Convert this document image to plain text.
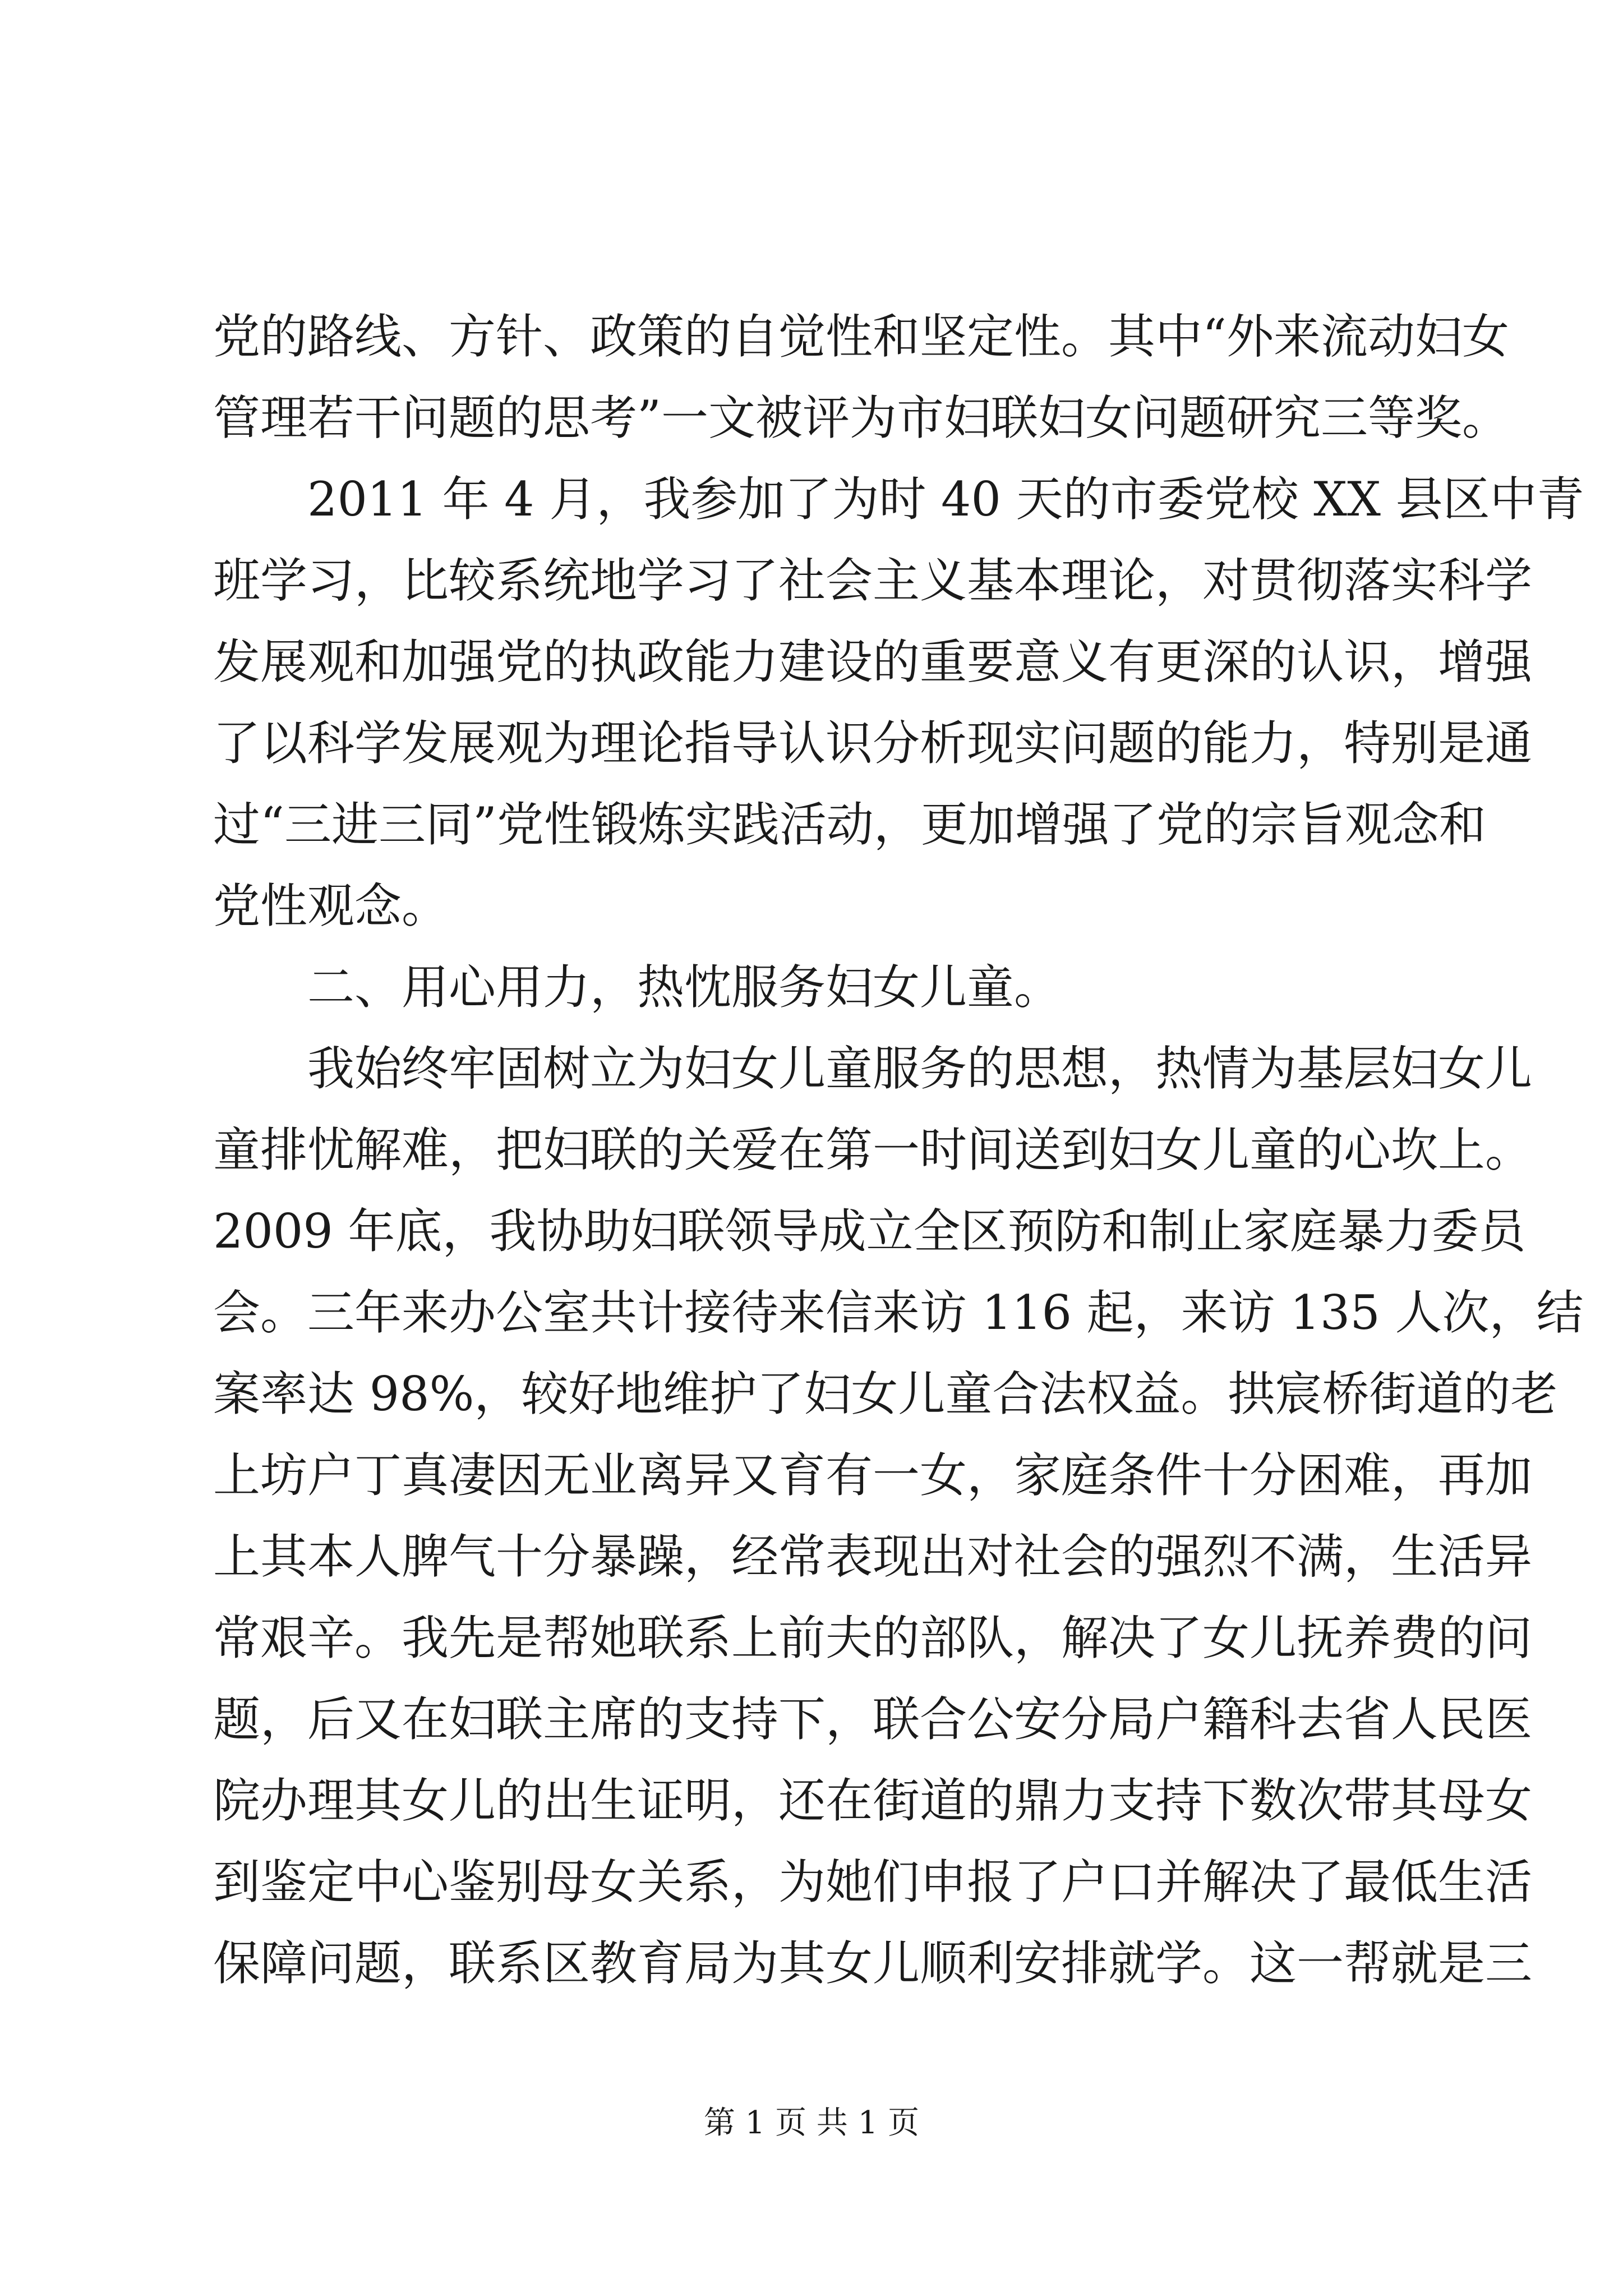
党的路线、方针、政策的自觉性和坚定性。其中“外来流动妇女
管理若干问题的思考”一文被评为市妇联妇女问题研究三等奖。
2011 年 4 月，我参加了为时 40 天的市委党校 XX 县区中青
班学习，比较系统地学习了社会主义基本理论，对贯彻落实科学
发展观和加强党的执政能力建设的重要意义有更深的认识，增强
了以科学发展观为理论指导认识分析现实问题的能力，特别是通
过“三进三同”党性锻炼实践活动，更加增强了党的宗旨观念和
党性观念。
二、用心用力，热忱服务妇女儿童。
我始终牢固树立为妇女儿童服务的思想，热情为基层妇女儿
童排忧解难，把妇联的关爱在第一时间送到妇女儿童的心坎上。
2009 年底，我协助妇联领导成立全区预防和制止家庭暴力委员
会。三年来办公室共计接待来信来访 116 起，来访 135 人次，结
案率达 98%，较好地维护了妇女儿童合法权益。拱宸桥街道的老
上坊户丁真凄因无业离异又育有一女，家庭条件十分困难，再加
上其本人脾气十分暴躁，经常表现出对社会的强烈不满，生活异
常艰辛。我先是帮她联系上前夫的部队，解决了女儿抚养费的问
题，后又在妇联主席的支持下，联合公安分局户籍科去省人民医
院办理其女儿的出生证明，还在街道的鼎力支持下数次带其母女
到鉴定中心鉴别母女关系，为她们申报了户口并解决了最低生活
保障问题，联系区教育局为其女儿顺利安排就学。这一帮就是三
第 1 页 共 1 页
